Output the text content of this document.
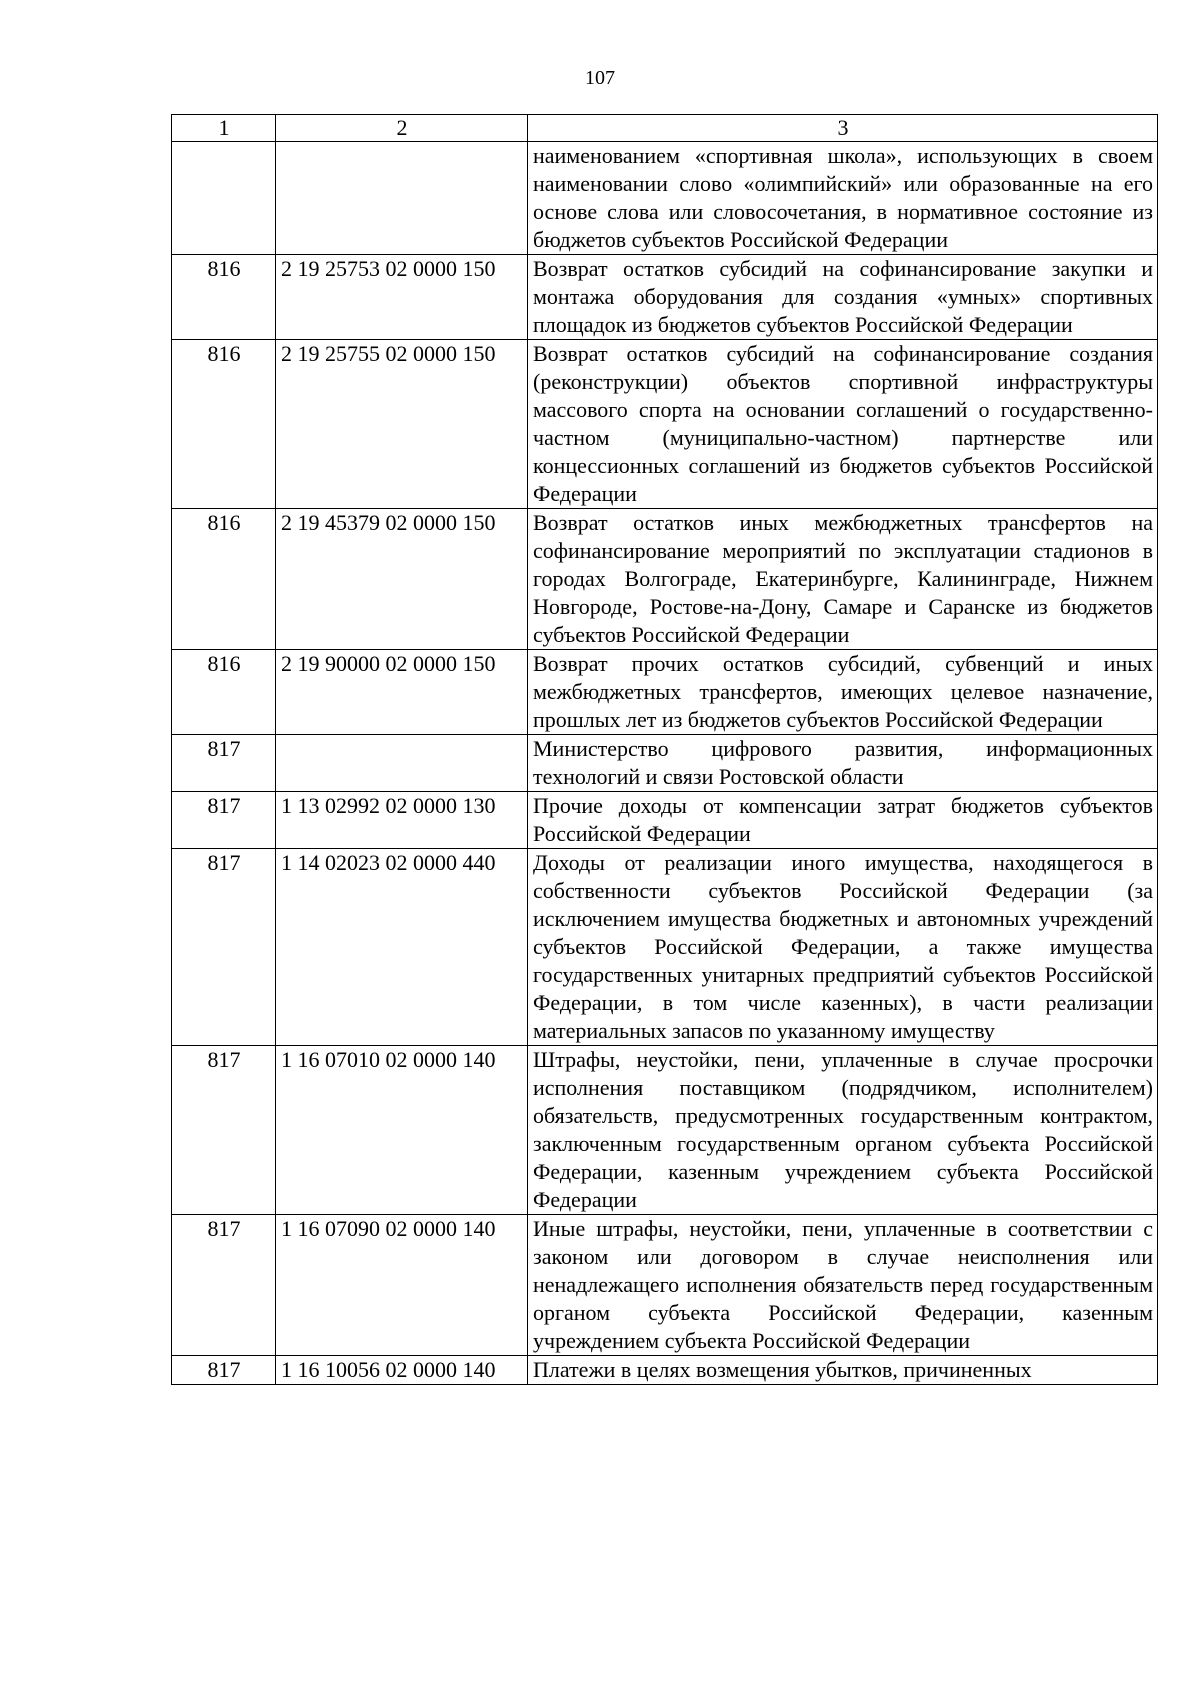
107
1	2	3
		наименованием «спортивная школа», использующих в своем наименовании слово «олимпийский» или образованные на его основе слова или словосочетания, в нормативное состояние из бюджетов субъектов Российской Федерации
816	2 19 25753 02 0000 150	Возврат остатков субсидий на софинансирование закупки и монтажа оборудования для создания «умных» спортивных площадок из бюджетов субъектов Российской Федерации
816	2 19 25755 02 0000 150	Возврат остатков субсидий на софинансирование создания (реконструкции) объектов спортивной инфраструктуры массового спорта на основании соглашений о государственно-частном (муниципально-частном) партнерстве или концессионных соглашений из бюджетов субъектов Российской Федерации
816	2 19 45379 02 0000 150	Возврат остатков иных межбюджетных трансфертов на софинансирование мероприятий по эксплуатации стадионов в городах Волгограде, Екатеринбурге, Калининграде, Нижнем Новгороде, Ростове-на-Дону, Самаре и Саранске из бюджетов субъектов Российской Федерации
816	2 19 90000 02 0000 150	Возврат прочих остатков субсидий, субвенций и иных межбюджетных трансфертов, имеющих целевое назначение, прошлых лет из бюджетов субъектов Российской Федерации
817		Министерство цифрового развития, информационных технологий и связи Ростовской области
817	1 13 02992 02 0000 130	Прочие доходы от компенсации затрат бюджетов субъектов Российской Федерации
817	1 14 02023 02 0000 440	Доходы от реализации иного имущества, находящегося в собственности субъектов Российской Федерации (за исключением имущества бюджетных и автономных учреждений субъектов Российской Федерации, а также имущества государственных унитарных предприятий субъектов Российской Федерации, в том числе казенных), в части реализации материальных запасов по указанному имуществу
817	1 16 07010 02 0000 140	Штрафы, неустойки, пени, уплаченные в случае просрочки исполнения поставщиком (подрядчиком, исполнителем) обязательств, предусмотренных государственным контрактом, заключенным государственным органом субъекта Российской Федерации, казенным учреждением субъекта Российской Федерации
817	1 16 07090 02 0000 140	Иные штрафы, неустойки, пени, уплаченные в соответствии с законом или договором в случае неисполнения или ненадлежащего исполнения обязательств перед государственным органом субъекта Российской Федерации, казенным учреждением субъекта Российской Федерации
817	1 16 10056 02 0000 140	Платежи в целях возмещения убытков, причиненных
